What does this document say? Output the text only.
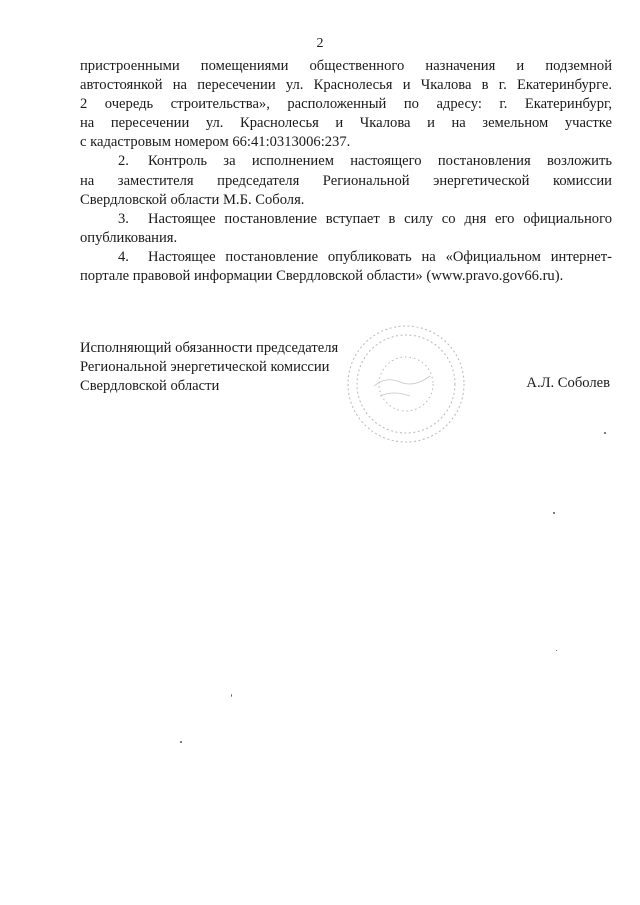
2
пристроенными помещениями общественного назначения и подземной
автостоянкой на пересечении ул. Краснолесья и Чкалова в г. Екатеринбурге.
2 очередь строительства», расположенный по адресу: г. Екатеринбург,
на пересечении ул. Краснолесья и Чкалова и на земельном участке
с кадастровым номером 66:41:0313006:237.
2. Контроль за исполнением настоящего постановления возложить
на заместителя председателя Региональной энергетической комиссии
Свердловской области М.Б. Соболя.
3. Настоящее постановление вступает в силу со дня его официального
опубликования.
4. Настоящее постановление опубликовать на «Официальном интернет-
портале правовой информации Свердловской области» (www.pravo.gov66.ru).
Исполняющий обязанности председателя
Региональной энергетической комиссии
Свердловской области	А.Л. Соболев
